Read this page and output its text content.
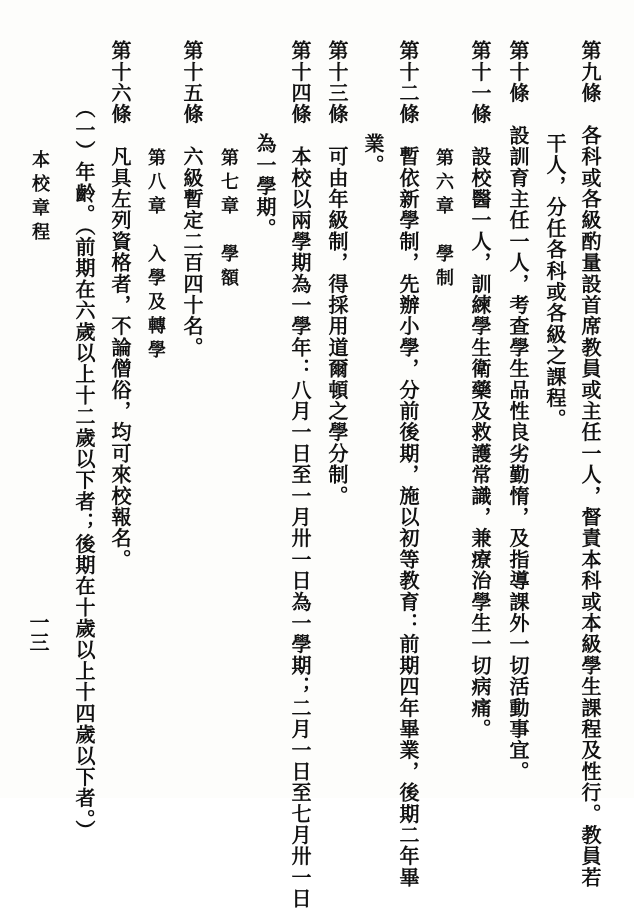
第九條　各科或各級酌量設首席教員或主任一人，督責本科或本級學生課程及性行。教員若
干人，分任各科或各級之課程。
第十條　設訓育主任一人，考查學生品性良劣勤惰，及指導課外一切活動事宜。
第十一條　設校醫一人，訓練學生衛藥及救護常識，兼療治學生一切病痛。
第六章　學制
第十二條　暫依新學制，先辦小學，分前後期，施以初等教育：前期四年畢業，後期二年畢
業。
第十三條　可由年級制，得採用道爾頓之學分制。
第十四條　本校以兩學期為一學年：八月一日至一月卅一日為一學期；二月一日至七月卅一日
為一學期。
第七章　學額
第十五條　六級暫定二百四十名。
第八章　入學及轉學
第十六條　凡具左列資格者，不論僧俗，均可來校報名。
（一）年齡。（前期在六歲以上十二歲以下者；後期在十歲以上十四歲以下者。）
本校章程
一三
